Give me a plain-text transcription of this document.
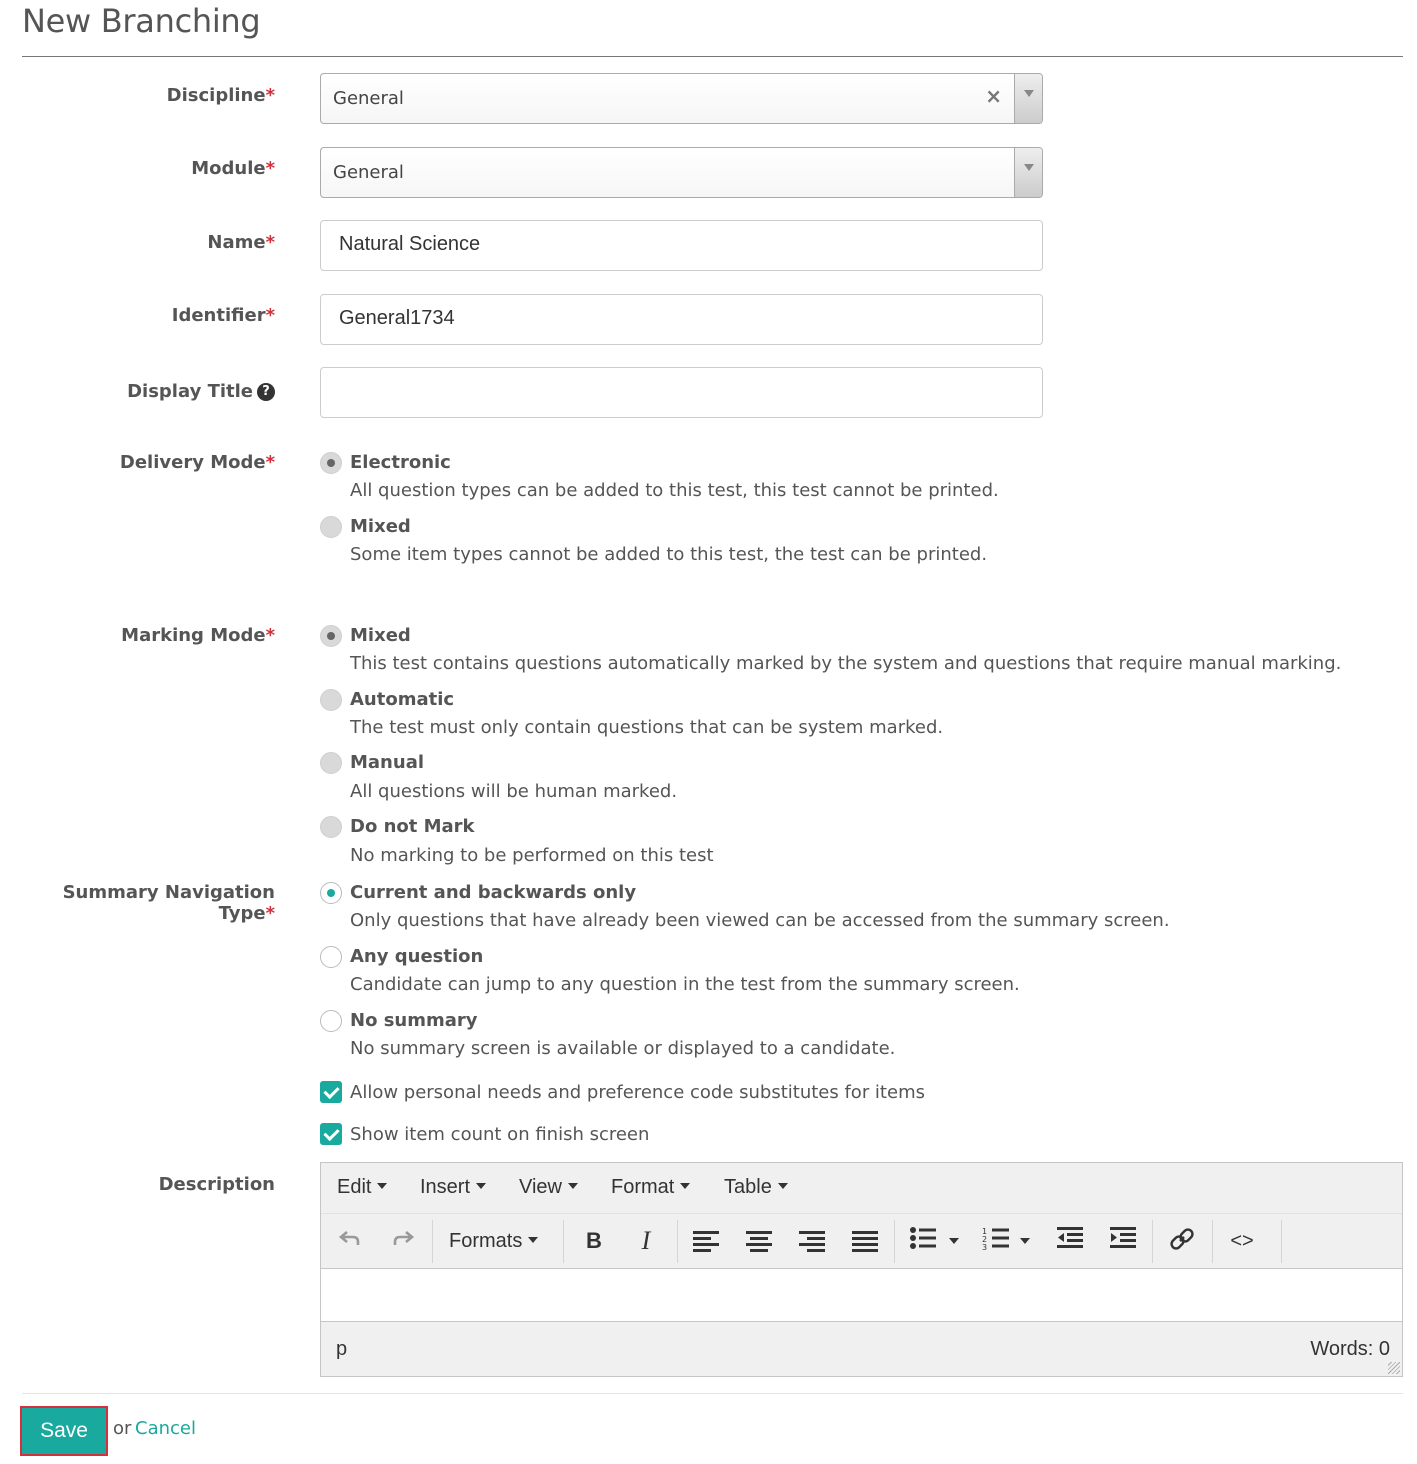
New Branching
Discipline*	General	×
Module*	General
Name*	Natural Science
Identifier*	General1734
Display Title ?
Delivery Mode*	Electronic
All question types can be added to this test, this test cannot be printed.
Mixed
Some item types cannot be added to this test, the test can be printed.
Marking Mode*	Mixed
This test contains questions automatically marked by the system and questions that require manual marking.
Automatic
The test must only contain questions that can be system marked.
Manual
All questions will be human marked.
Do not Mark
No marking to be performed on this test
Summary Navigation Type*
Current and backwards only
Only questions that have already been viewed can be accessed from the summary screen.
Any question
Candidate can jump to any question in the test from the summary screen.
No summary
No summary screen is available or displayed to a candidate.
Allow personal needs and preference code substitutes for items
Show item count on finish screen
Description	Edit	Insert	View	Format	Table
Formats	B	I	1
2
3	<>
p	Words: 0
Save	or Cancel
